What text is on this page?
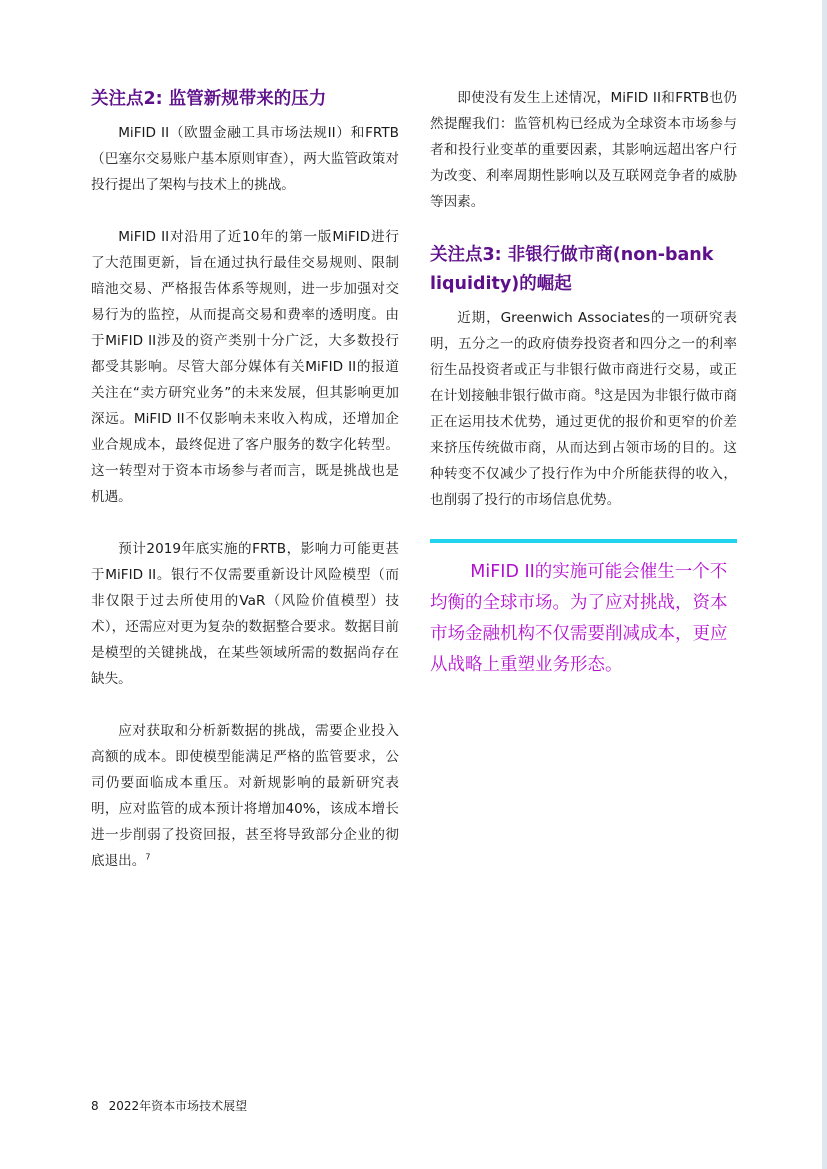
关注点2: 监管新规带来的压力

MiFID II（欧盟金融工具市场法规II）和FRTB（巴塞尔交易账户基本原则审查），两大监管政策对投行提出了架构与技术上的挑战。

MiFID II对沿用了近10年的第一版MiFID进行了大范围更新，旨在通过执行最佳交易规则、限制暗池交易、严格报告体系等规则，进一步加强对交易行为的监控，从而提高交易和费率的透明度。由于MiFID II涉及的资产类别十分广泛，大多数投行都受其影响。尽管大部分媒体有关MiFID II的报道关注在“卖方研究业务”的未来发展，但其影响更加深远。MiFID II不仅影响未来收入构成，还增加企业合规成本，最终促进了客户服务的数字化转型。这一转型对于资本市场参与者而言，既是挑战也是机遇。

预计2019年底实施的FRTB，影响力可能更甚于MiFID II。银行不仅需要重新设计风险模型（而非仅限于过去所使用的VaR（风险价值模型）技术），还需应对更为复杂的数据整合要求。数据目前是模型的关键挑战，在某些领域所需的数据尚存在缺失。

应对获取和分析新数据的挑战，需要企业投入高额的成本。即使模型能满足严格的监管要求，公司仍要面临成本重压。对新规影响的最新研究表明，应对监管的成本预计将增加40%，该成本增长进一步削弱了投资回报，甚至将导致部分企业的彻底退出。$^7$

即使没有发生上述情况，MiFID II和FRTB也仍然提醒我们：监管机构已经成为全球资本市场参与者和投行业变革的重要因素，其影响远超出客户行为改变、利率周期性影响以及互联网竞争者的威胁等因素。

关注点3: 非银行做市商(non-bank liquidity)的崛起

近期，Greenwich Associates的一项研究表明，五分之一的政府债券投资者和四分之一的利率衍生品投资者或正与非银行做市商进行交易，或正在计划接触非银行做市商。$^8$这是因为非银行做市商正在运用技术优势，通过更优的报价和更窄的价差来挤压传统做市商，从而达到占领市场的目的。这种转变不仅减少了投行作为中介所能获得的收入，也削弱了投行的市场信息优势。

MiFID II的实施可能会催生一个不均衡的全球市场。为了应对挑战，资本市场金融机构不仅需要削减成本，更应从战略上重塑业务形态。

8 2022年资本市场技术展望
